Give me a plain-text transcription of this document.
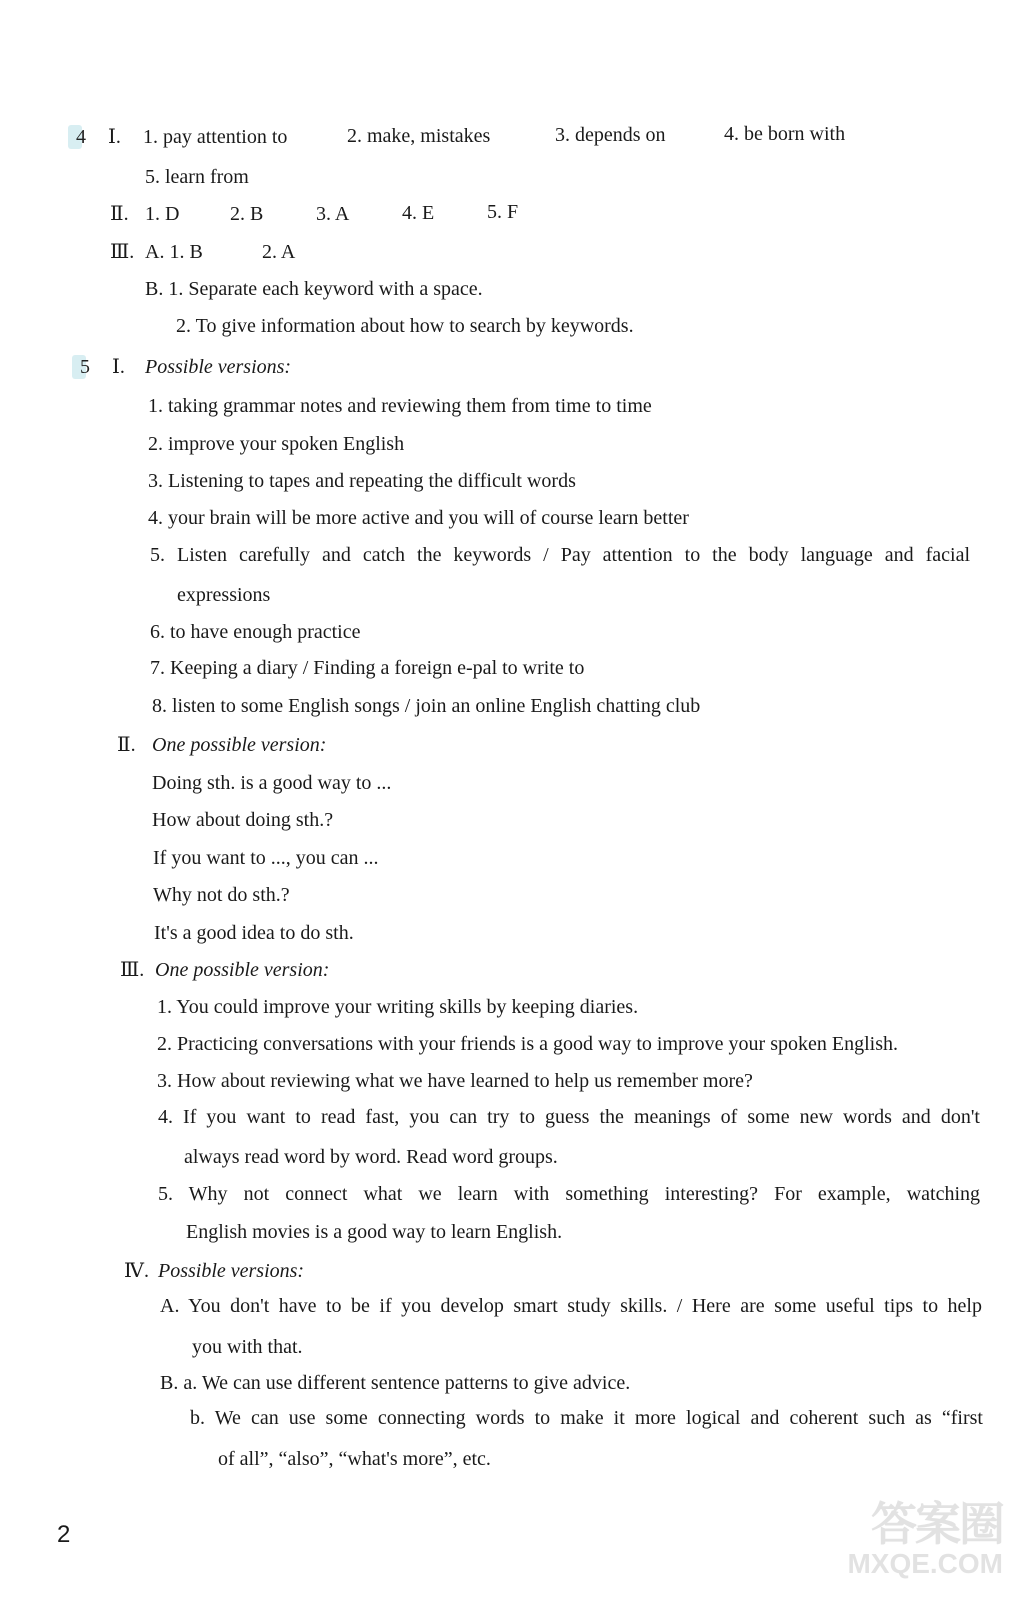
4 Ⅰ. 1. pay attention to	2. make, mistakes	3. depends on	4. be born with
5. learn from
Ⅱ. 1. D	2. B	3. A	4. E	5. F
Ⅲ. A. 1. B	2. A
B. 1. Separate each keyword with a space.
2. To give information about how to search by keywords.
5 Ⅰ. Possible versions:
1. taking grammar notes and reviewing them from time to time
2. improve your spoken English
3. Listening to tapes and repeating the difficult words
4. your brain will be more active and you will of course learn better
5. Listen carefully and catch the keywords / Pay attention to the body language and facial
expressions
6. to have enough practice
7. Keeping a diary / Finding a foreign e-pal to write to
8. listen to some English songs / join an online English chatting club
Ⅱ. One possible version:
Doing sth. is a good way to ...
How about doing sth.?
If you want to ..., you can ...
Why not do sth.?
It's a good idea to do sth.
Ⅲ. One possible version:
1. You could improve your writing skills by keeping diaries.
2. Practicing conversations with your friends is a good way to improve your spoken English.
3. How about reviewing what we have learned to help us remember more?
4. If you want to read fast, you can try to guess the meanings of some new words and don't
always read word by word. Read word groups.
5. Why not connect what we learn with something interesting? For example, watching
English movies is a good way to learn English.
Ⅳ. Possible versions:
A. You don't have to be if you develop smart study skills. / Here are some useful tips to help
you with that.
B. a. We can use different sentence patterns to give advice.
b. We can use some connecting words to make it more logical and coherent such as “first
of all”, “also”, “what's more”, etc.
2	答案圈
MXQE.COM
